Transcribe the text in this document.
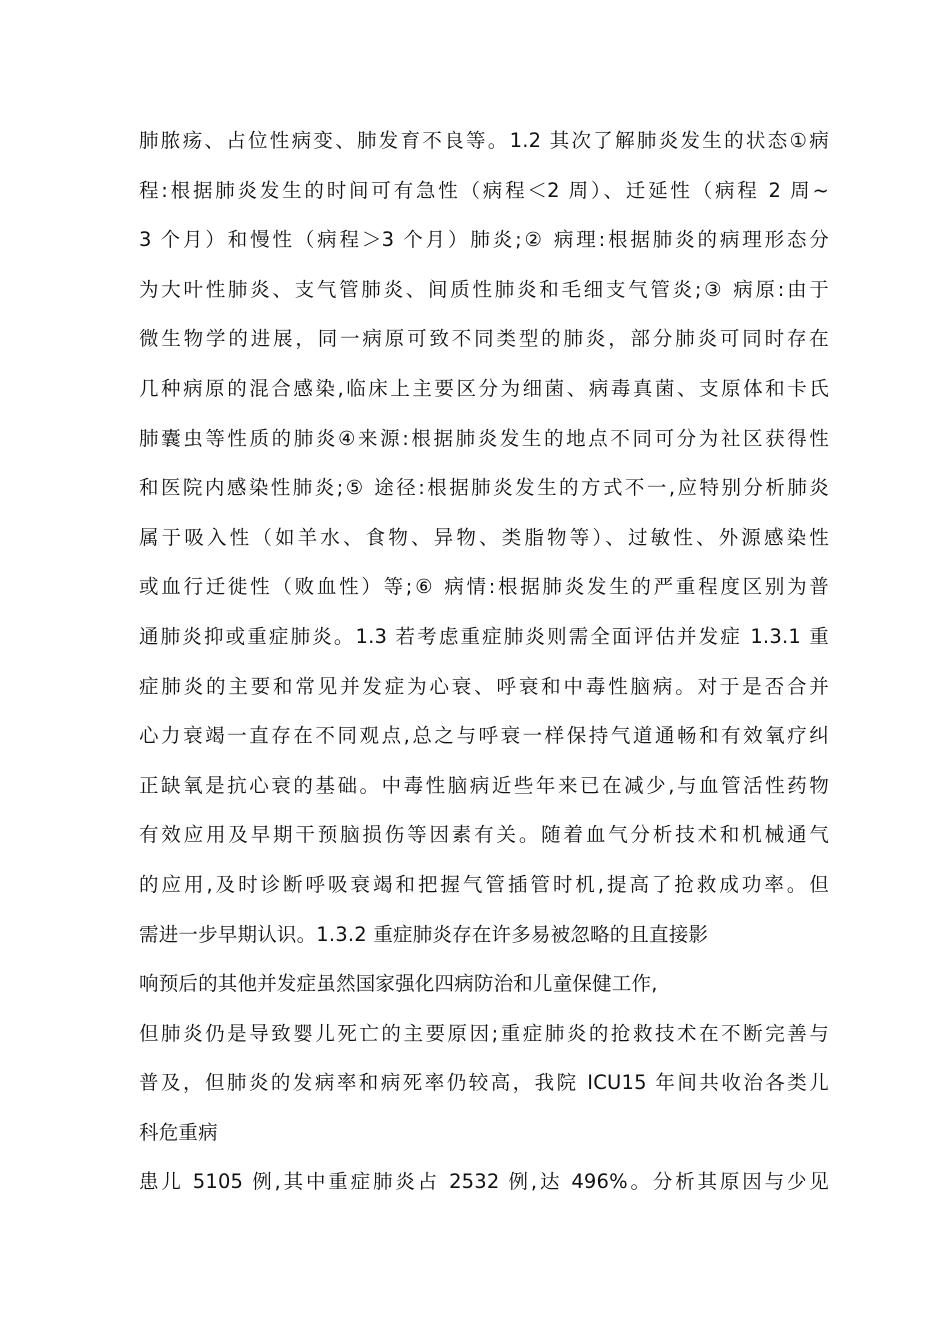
肺脓疡、占位性病变、肺发育不良等。1.2 其次了解肺炎发生的状态①病
程:根据肺炎发生的时间可有急性（病程＜2 周）、迁延性（病程 2 周~
3 个月）和慢性（病程＞3 个月）肺炎;② 病理:根据肺炎的病理形态分
为大叶性肺炎、支气管肺炎、间质性肺炎和毛细支气管炎;③ 病原:由于
微生物学的进展，同一病原可致不同类型的肺炎，部分肺炎可同时存在
几种病原的混合感染,临床上主要区分为细菌、病毒真菌、支原体和卡氏
肺囊虫等性质的肺炎④来源:根据肺炎发生的地点不同可分为社区获得性
和医院内感染性肺炎;⑤ 途径:根据肺炎发生的方式不一,应特别分析肺炎
属于吸入性（如羊水、食物、异物、类脂物等）、过敏性、外源感染性
或血行迁徙性（败血性）等;⑥ 病情:根据肺炎发生的严重程度区别为普
通肺炎抑或重症肺炎。1.3 若考虑重症肺炎则需全面评估并发症 1.3.1 重
症肺炎的主要和常见并发症为心衰、呼衰和中毒性脑病。对于是否合并
心力衰竭一直存在不同观点,总之与呼衰一样保持气道通畅和有效氧疗纠
正缺氧是抗心衰的基础。中毒性脑病近些年来已在减少,与血管活性药物
有效应用及早期干预脑损伤等因素有关。随着血气分析技术和机械通气
的应用,及时诊断呼吸衰竭和把握气管插管时机,提高了抢救成功率。但
需进一步早期认识。1.3.2 重症肺炎存在许多易被忽略的且直接影
响预后的其他并发症虽然国家强化四病防治和儿童保健工作,
但肺炎仍是导致婴儿死亡的主要原因;重症肺炎的抢救技术在不断完善与
普及，但肺炎的发病率和病死率仍较高，我院 ICU15 年间共收治各类儿
科危重病
患儿 5105 例,其中重症肺炎占 2532 例,达 496%。分析其原因与少见
